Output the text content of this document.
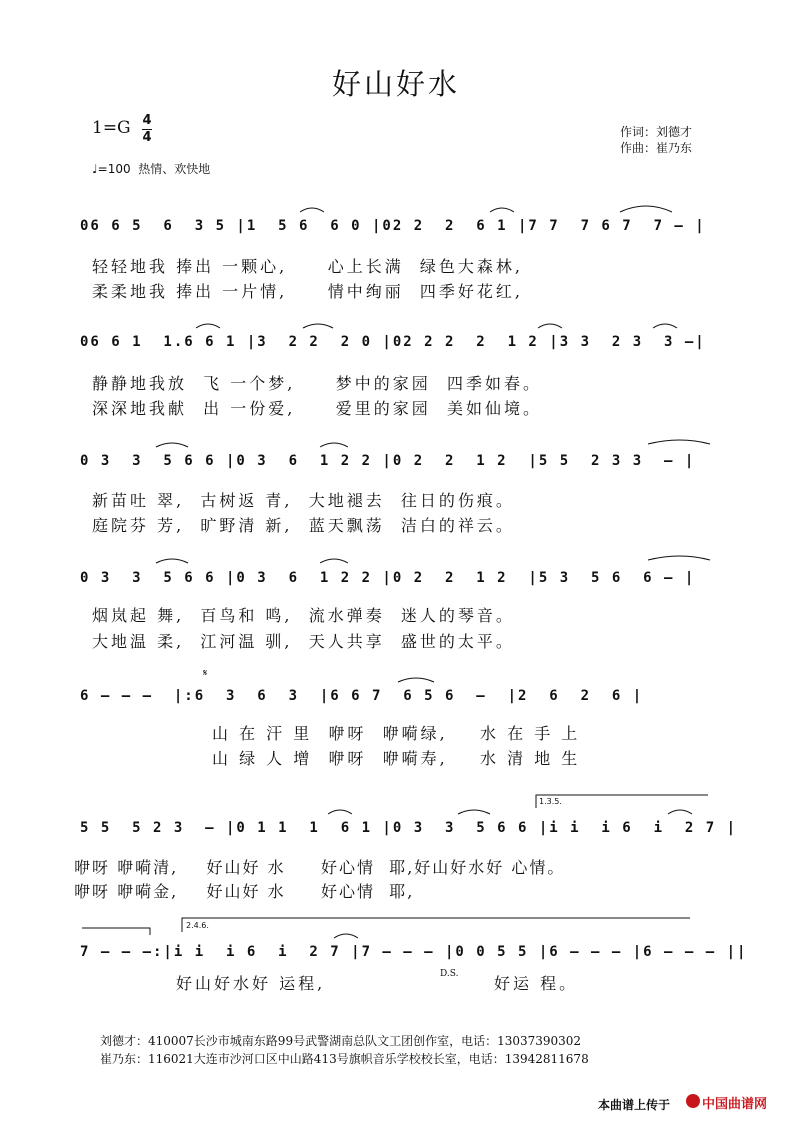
好山好水
1=G 4
4	作词：刘德才
作曲：崔乃东
♩=100  热情、欢快地
06 6 5  6  3 5 |1  5 6  6 0 |02 2  2  6 1 |7 7  7 6 7  7 – |
轻轻地我 捧出 一颗心,     心上长满  绿色大森林,
柔柔地我 捧出 一片情,     情中绚丽  四季好花红,
06 6 1  1.6 6 1 |3  2 2  2 0 |02 2 2  2  1 2 |3 3  2 3  3 –|
静静地我放  飞 一个梦,     梦中的家园  四季如春。
深深地我献  出 一份爱,     爱里的家园  美如仙境。
0 3  3  5 6 6 |0 3  6  1 2 2 |0 2  2  1 2  |5 5  2 3 3  – |
新苗吐 翠,  古树返 青,  大地褪去  往日的伤痕。
庭院芬 芳,  旷野清 新,  蓝天飘荡  洁白的祥云。
0 3  3  5 6 6 |0 3  6  1 2 2 |0 2  2  1 2  |5 3  5 6  6 – |
烟岚起 舞,  百鸟和 鸣,  流水弹奏  迷人的琴音。
大地温 柔,  江河温 驯,  天人共享  盛世的太平。
𝄋
6 – – –  |:6  3  6  3  |6 6 7  6 5 6  –  |2  6  2  6 |
山 在 汗 里  咿呀  咿嗬绿,    水 在 手 上
山 绿 人 增  咿呀  咿嗬寿,    水 清 地 生
1.3.5.
5 5  5 2 3  – |0 1 1  1  6 1 |0 3  3  5 6 6 |i i  i 6  i  2 7 |
咿呀 咿嗬清,    好山好 水     好心情  耶,好山好水好 心情。
咿呀 咿嗬金,    好山好 水     好心情  耶,
2.4.6.
7 – – –:|i i  i 6  i  2 7 |7 – – – |0 0 5 5 |6 – – – |6 – – – ||
好山好水好 运程,	D.S. 好运 程。
刘德才：410007长沙市城南东路99号武警湖南总队文工团创作室，电话：13037390302
崔乃东：116021大连市沙河口区中山路413号旗帜音乐学校校长室，电话：13942811678
本曲谱上传于 中国曲谱网
